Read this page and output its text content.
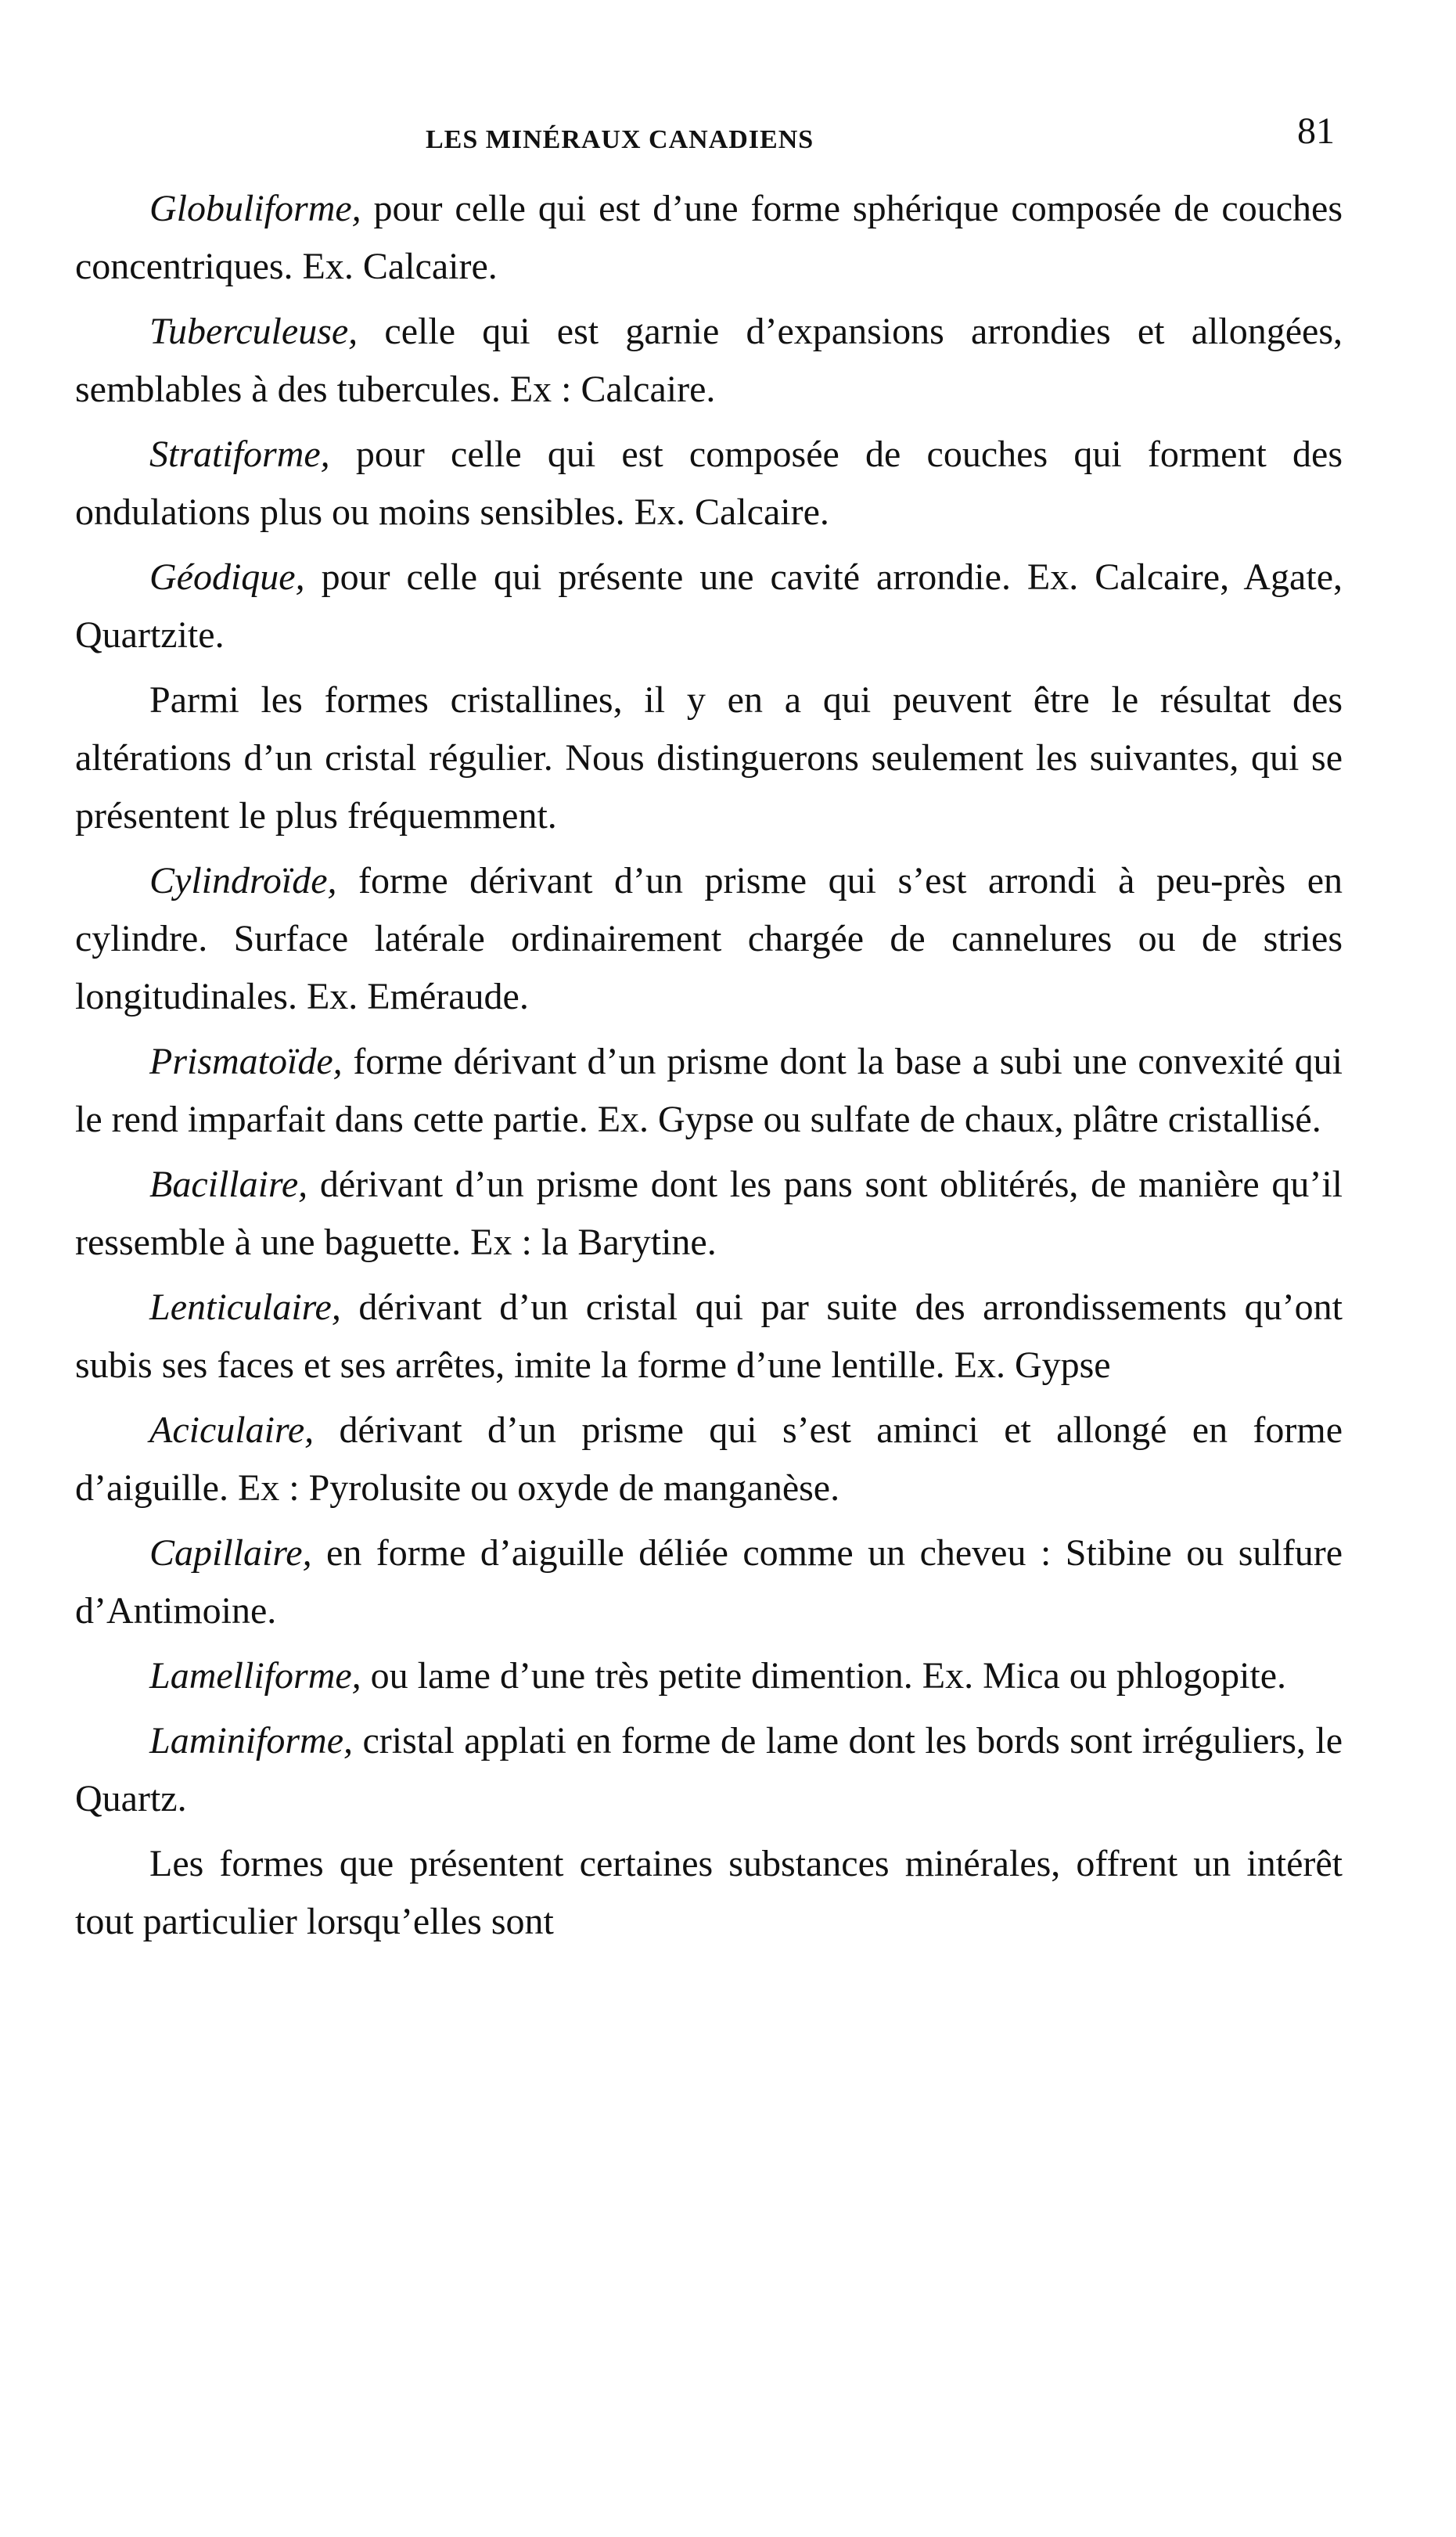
LES MINÉRAUX CANADIENS	81

Globuliforme, pour celle qui est d’une forme sphérique composée de couches concentriques. Ex. Calcaire.

Tuberculeuse, celle qui est garnie d’expansions arrondies et allongées, semblables à des tubercules. Ex : Calcaire.

Stratiforme, pour celle qui est composée de couches qui forment des ondulations plus ou moins sensibles. Ex. Calcaire.

Géodique, pour celle qui présente une cavité arrondie. Ex. Calcaire, Agate, Quartzite.

Parmi les formes cristallines, il y en a qui peuvent être le résultat des altérations d’un cristal régulier. Nous distinguerons seulement les suivantes, qui se présentent le plus fréquemment.

Cylindroïde, forme dérivant d’un prisme qui s’est arrondi à peu-près en cylindre. Surface latérale ordinairement chargée de cannelures ou de stries longitudinales. Ex. Eméraude.

Prismatoïde, forme dérivant d’un prisme dont la base a subi une convexité qui le rend imparfait dans cette partie. Ex. Gypse ou sulfate de chaux, plâtre cristallisé.

Bacillaire, dérivant d’un prisme dont les pans sont oblitérés, de manière qu’il ressemble à une baguette. Ex : la Barytine.

Lenticulaire, dérivant d’un cristal qui par suite des arrondissements qu’ont subis ses faces et ses arrêtes, imite la forme d’une lentille. Ex. Gypse

Aciculaire, dérivant d’un prisme qui s’est aminci et allongé en forme d’aiguille. Ex : Pyrolusite ou oxyde de manganèse.

Capillaire, en forme d’aiguille déliée comme un cheveu : Stibine ou sulfure d’Antimoine.

Lamelliforme, ou lame d’une très petite dimention. Ex. Mica ou phlogopite.

Laminiforme, cristal applati en forme de lame dont les bords sont irréguliers, le Quartz.

Les formes que présentent certaines substances minérales, offrent un intérêt tout particulier lorsqu’elles sont
